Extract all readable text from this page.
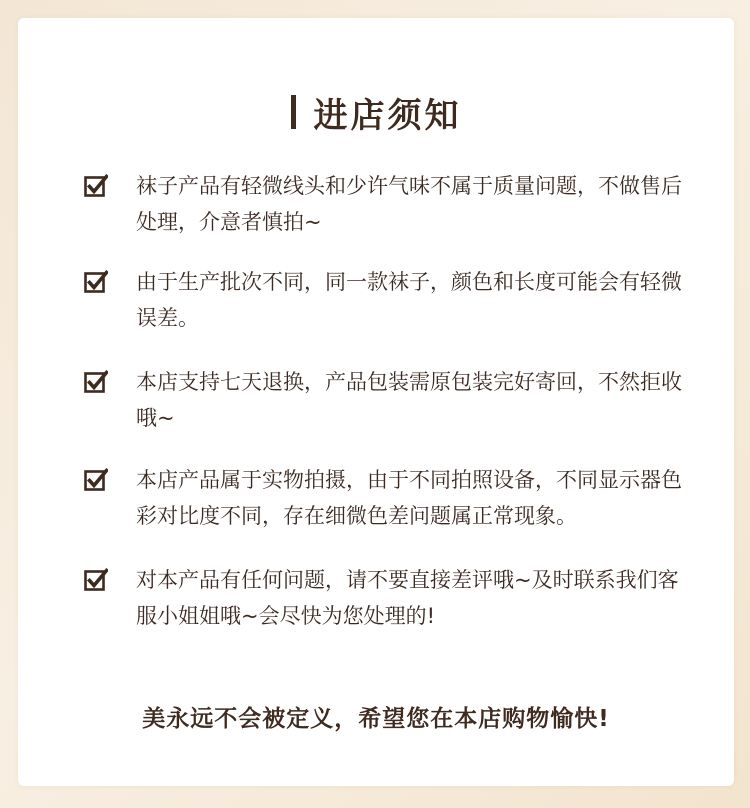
进店须知

袜子产品有轻微线头和少许气味不属于质量问题，不做售后处理，介意者慎拍~

由于生产批次不同，同一款袜子，颜色和长度可能会有轻微误差。

本店支持七天退换，产品包装需原包装完好寄回，不然拒收哦~

本店产品属于实物拍摄，由于不同拍照设备，不同显示器色彩对比度不同，存在细微色差问题属正常现象。

对本产品有任何问题，请不要直接差评哦~及时联系我们客服小姐姐哦~会尽快为您处理的!

美永远不会被定义，希望您在本店购物愉快!
